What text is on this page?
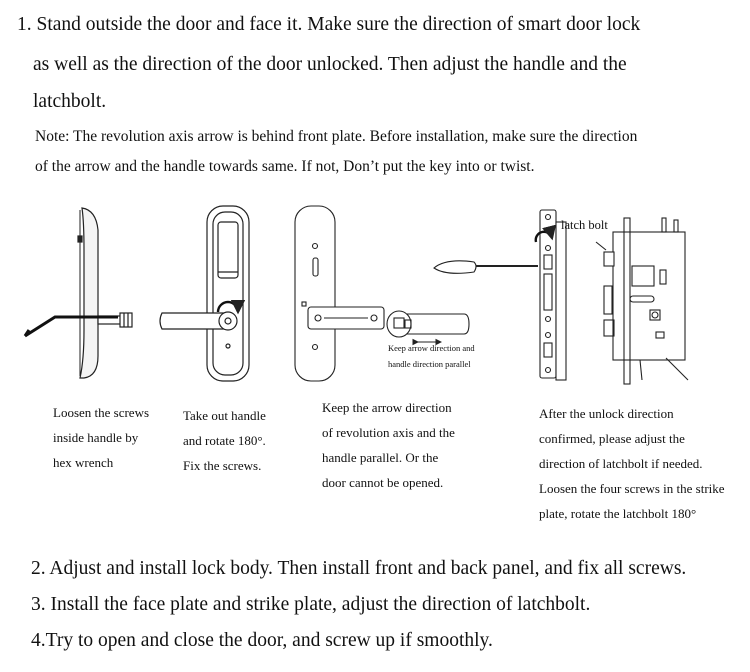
1. Stand outside the door and face it. Make sure the direction of smart door lock
as well as the direction of the door unlocked. Then adjust the handle and the
latchbolt.
Note: The revolution axis arrow is behind front plate. Before installation, make sure the direction
of the arrow and the handle towards same. If not, Don’t put the key into or twist.
Keep arrow direction and
handle direction parallel
latch bolt
Loosen the screws
inside handle by
hex wrench
Take out handle
and rotate 180°.
Fix the screws.
Keep the arrow direction
of revolution axis and the
handle parallel. Or the
door cannot be opened.
After the unlock direction
confirmed, please adjust the
direction of latchbolt if needed.
Loosen the four screws in the strike
plate, rotate the latchbolt 180°
2. Adjust and install lock body. Then install front and back panel, and fix all screws.
3. Install the face plate and strike plate, adjust the direction of latchbolt.
4.Try to open and close the door, and screw up if smoothly.
